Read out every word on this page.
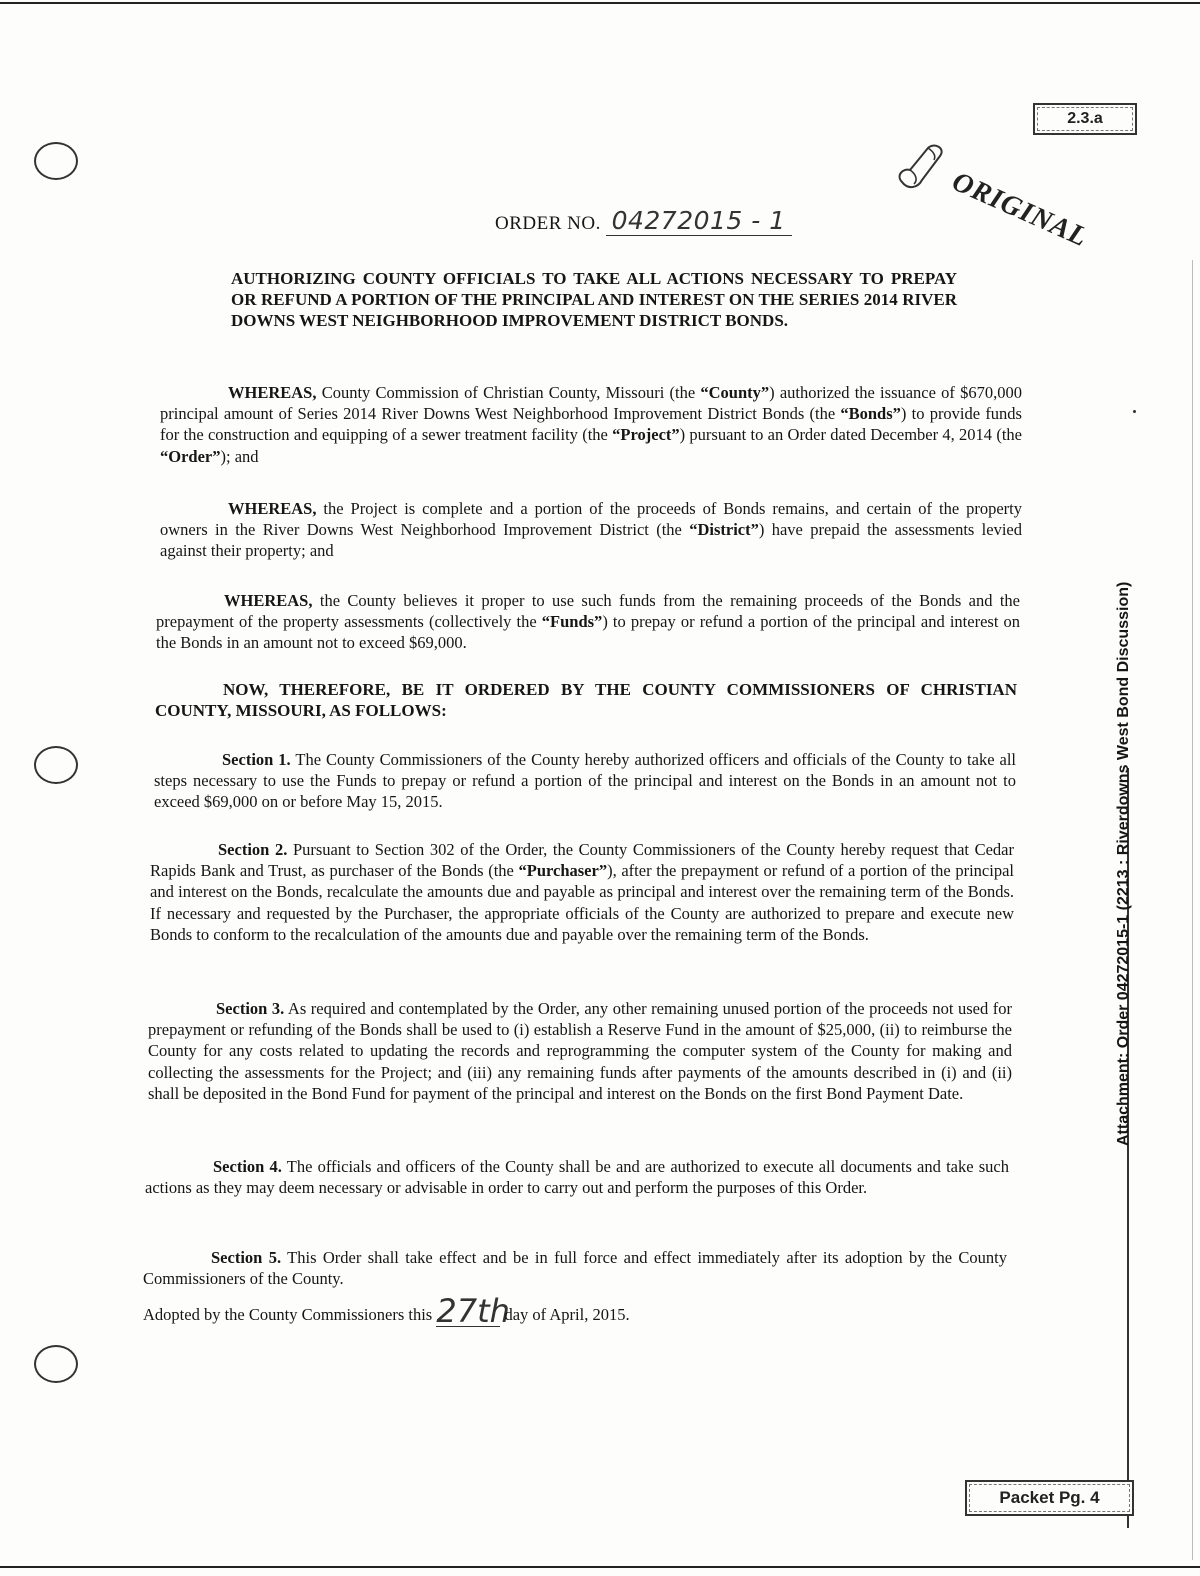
2.3.a
ORIGINAL
ORDER NO. 04272015 - 1
AUTHORIZING COUNTY OFFICIALS TO TAKE ALL ACTIONS NECESSARY TO PREPAY OR REFUND A PORTION OF THE PRINCIPAL AND INTEREST ON THE SERIES 2014 RIVER DOWNS WEST NEIGHBORHOOD IMPROVEMENT DISTRICT BONDS.

WHEREAS, County Commission of Christian County, Missouri (the “County”) authorized the issuance of $670,000 principal amount of Series 2014 River Downs West Neighborhood Improvement District Bonds (the “Bonds”) to provide funds for the construction and equipping of a sewer treatment facility (the “Project”) pursuant to an Order dated December 4, 2014 (the “Order”); and

WHEREAS, the Project is complete and a portion of the proceeds of Bonds remains, and certain of the property owners in the River Downs West Neighborhood Improvement District (the “District”) have prepaid the assessments levied against their property; and

WHEREAS, the County believes it proper to use such funds from the remaining proceeds of the Bonds and the prepayment of the property assessments (collectively the “Funds”) to prepay or refund a portion of the principal and interest on the Bonds in an amount not to exceed $69,000.

NOW, THEREFORE, BE IT ORDERED BY THE COUNTY COMMISSIONERS OF CHRISTIAN COUNTY, MISSOURI, AS FOLLOWS:

Section 1. The County Commissioners of the County hereby authorized officers and officials of the County to take all steps necessary to use the Funds to prepay or refund a portion of the principal and interest on the Bonds in an amount not to exceed $69,000 on or before May 15, 2015.

Section 2. Pursuant to Section 302 of the Order, the County Commissioners of the County hereby request that Cedar Rapids Bank and Trust, as purchaser of the Bonds (the “Purchaser”), after the prepayment or refund of a portion of the principal and interest on the Bonds, recalculate the amounts due and payable as principal and interest over the remaining term of the Bonds. If necessary and requested by the Purchaser, the appropriate officials of the County are authorized to prepare and execute new Bonds to conform to the recalculation of the amounts due and payable over the remaining term of the Bonds.

Section 3. As required and contemplated by the Order, any other remaining unused portion of the proceeds not used for prepayment or refunding of the Bonds shall be used to (i) establish a Reserve Fund in the amount of $25,000, (ii) to reimburse the County for any costs related to updating the records and reprogramming the computer system of the County for making and collecting the assessments for the Project; and (iii) any remaining funds after payments of the amounts described in (i) and (ii) shall be deposited in the Bond Fund for payment of the principal and interest on the Bonds on the first Bond Payment Date.

Section 4. The officials and officers of the County shall be and are authorized to execute all documents and take such actions as they may deem necessary or advisable in order to carry out and perform the purposes of this Order.

Section 5. This Order shall take effect and be in full force and effect immediately after its adoption by the County Commissioners of the County.

Adopted by the County Commissioners this 27th day of April, 2015.
Attachment: Order 04272015-1 (2213 : Riverdowns West Bond Discussion)
Packet Pg. 4
